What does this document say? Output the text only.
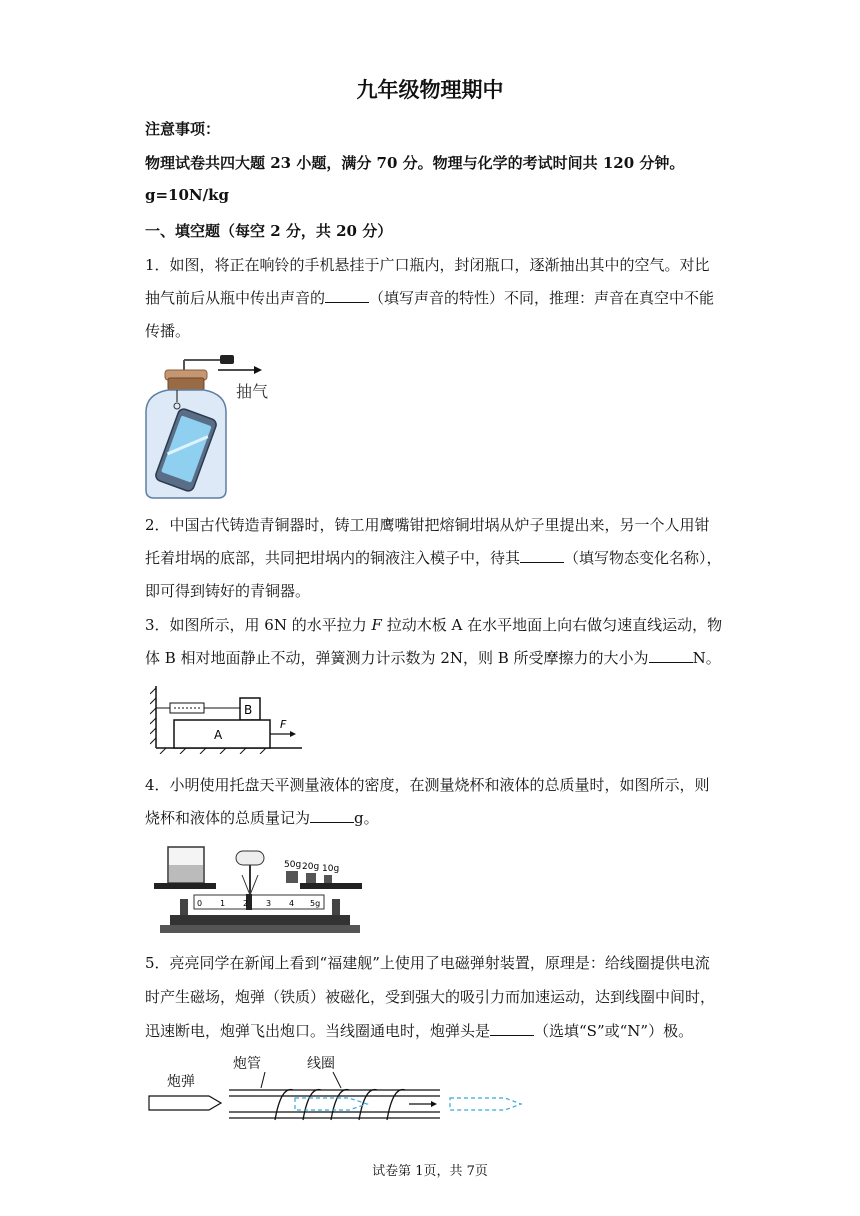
九年级物理期中
注意事项：
物理试卷共四大题 23 小题，满分 70 分。物理与化学的考试时间共 120 分钟。
g=10N/kg
一、填空题（每空 2 分，共 20 分）
1．如图，将正在响铃的手机悬挂于广口瓶内，封闭瓶口，逐渐抽出其中的空气。对比
抽气前后从瓶中传出声音的	（填写声音的特性）不同，推理：声音在真空中不能
传播。
抽气
2．中国古代铸造青铜器时，铸工用鹰嘴钳把熔铜坩埚从炉子里提出来，另一个人用钳
托着坩埚的底部，共同把坩埚内的铜液注入模子中，待其	（填写物态变化名称），
即可得到铸好的青铜器。
3．如图所示，用 6N 的水平拉力 F 拉动木板 A 在水平地面上向右做匀速直线运动，物
体 B 相对地面静止不动，弹簧测力计示数为 2N，则 B 所受摩擦力的大小为	N。
B
A
F
4．小明使用托盘天平测量液体的密度，在测量烧杯和液体的总质量时，如图所示，则
烧杯和液体的总质量记为	g。
50g 20g 10g
0 1 2 3 4 5g
5．亮亮同学在新闻上看到“福建舰”上使用了电磁弹射装置，原理是：给线圈提供电流
时产生磁场，炮弹（铁质）被磁化，受到强大的吸引力而加速运动，达到线圈中间时，
迅速断电，炮弹飞出炮口。当线圈通电时，炮弹头是	（选填“S”或“N”）极。
炮弹
炮管	线圈
试卷第 1页，共 7页
